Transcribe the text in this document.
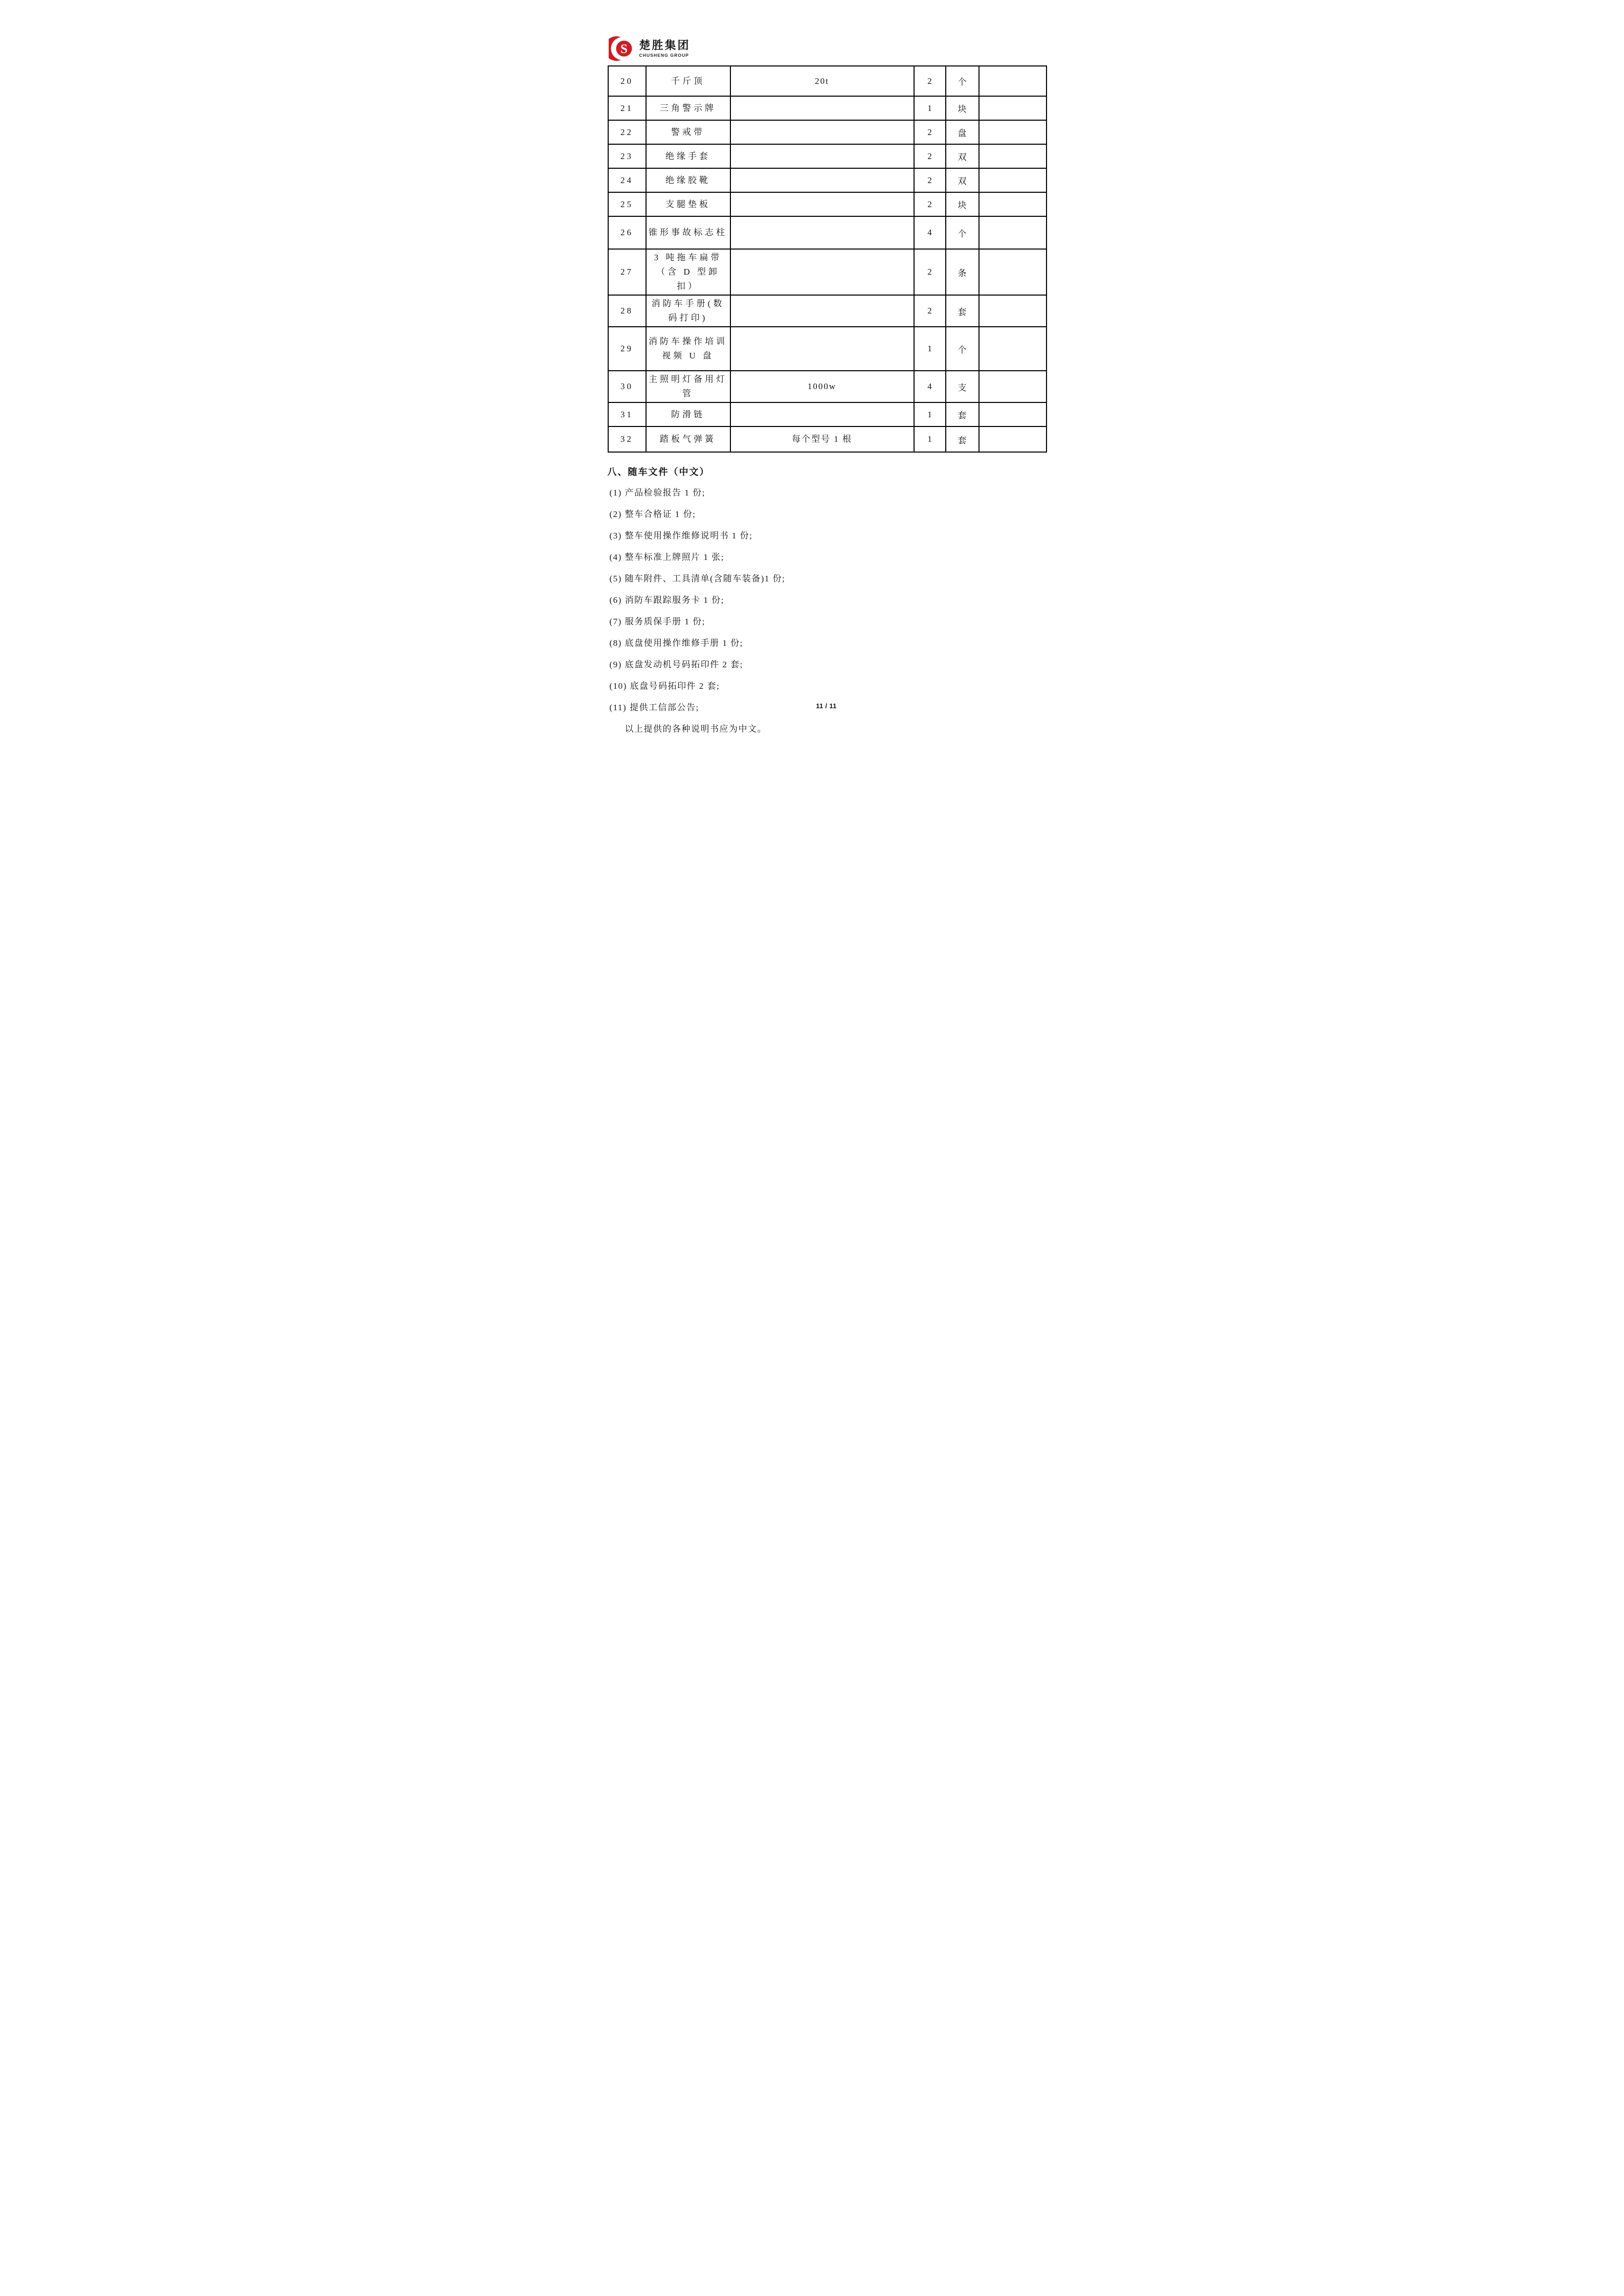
S 楚胜集团
CHUSHENG GROUP
20	千斤顶	20t	2	个	
21	三角警示牌		1	块	
22	警戒带		2	盘	
23	绝缘手套		2	双	
24	绝缘胶靴		2	双	
25	支腿垫板		2	块	
26	锥形事故标志柱		4	个	
27	3 吨拖车扁带（含 D 型卸扣）		2	条	
28	消防车手册(数码打印)		2	套	
29	消防车操作培训视频 U 盘		1	个	
30	主照明灯备用灯管	1000w	4	支	
31	防滑链		1	套	
32	踏板气弹簧	每个型号 1 根	1	套	
八、随车文件（中文）

(1) 产品检验报告 1 份;

(2) 整车合格证 1 份;

(3) 整车使用操作维修说明书 1 份;

(4) 整车标准上牌照片 1 张;

(5) 随车附件、工具清单(含随车装备)1 份;

(6) 消防车跟踪服务卡 1 份;

(7) 服务质保手册 1 份;

(8) 底盘使用操作维修手册 1 份;

(9) 底盘发动机号码拓印件 2 套;

(10) 底盘号码拓印件 2 套;

(11) 提供工信部公告;

以上提供的各种说明书应为中文。

11 / 11
